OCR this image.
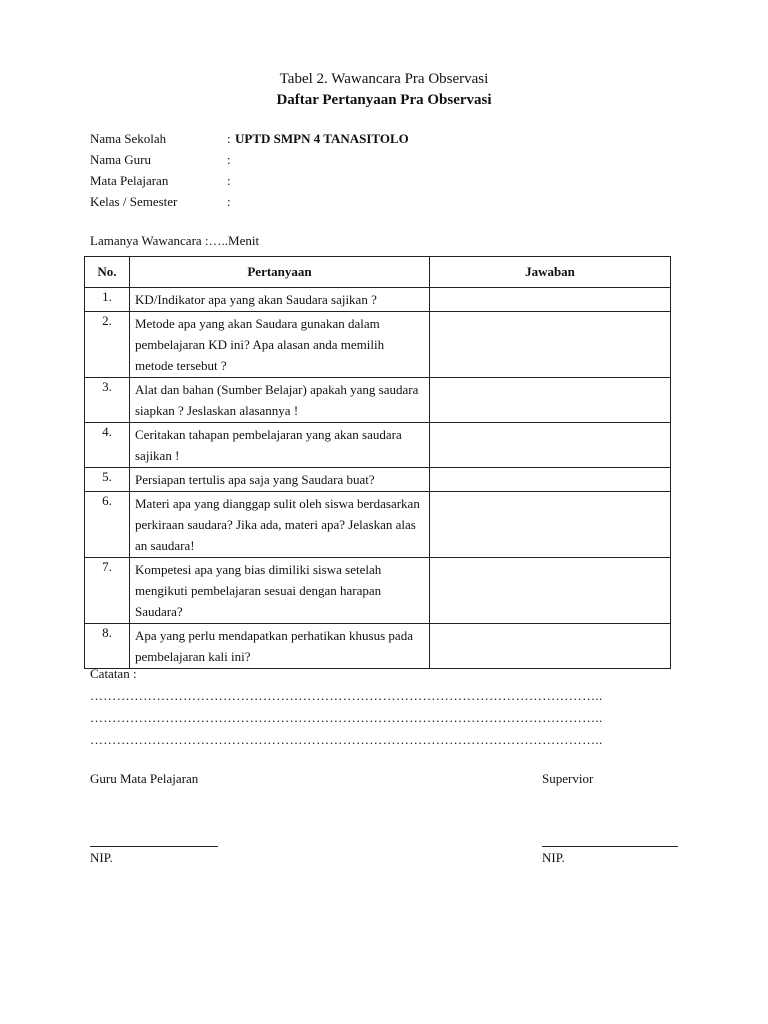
Tabel 2. Wawancara Pra Observasi
Daftar Pertanyaan Pra Observasi
Nama Sekolah	: UPTD SMPN 4 TANASITOLO
Nama Guru	:
Mata Pelajaran	:
Kelas / Semester	:
Lamanya Wawancara :…..Menit
No.	Pertanyaan	Jawaban
1.	KD/Indikator apa yang akan Saudara sajikan ?	
2.	Metode apa yang akan Saudara gunakan dalam pembelajaran KD ini? Apa alasan anda memilih metode tersebut ?	
3.	Alat dan bahan (Sumber Belajar) apakah yang saudara siapkan ? Jeslaskan alasannya !	
4.	Ceritakan tahapan pembelajaran yang akan saudara sajikan !	
5.	Persiapan tertulis apa saja yang Saudara buat?	
6.	Materi apa yang dianggap sulit oleh siswa berdasarkan perkiraan saudara? Jika ada, materi apa? Jelaskan alas an saudara!	
7.	Kompetesi apa yang bias dimiliki siswa setelah mengikuti pembelajaran sesuai dengan harapan Saudara?	
8.	Apa yang perlu mendapatkan perhatikan khusus pada pembelajaran kali ini?	
Catatan :
……………………………………………………………………………………………………..
……………………………………………………………………………………………………..
……………………………………………………………………………………………………..
Guru Mata Pelajaran	Supervior
NIP.	NIP.
